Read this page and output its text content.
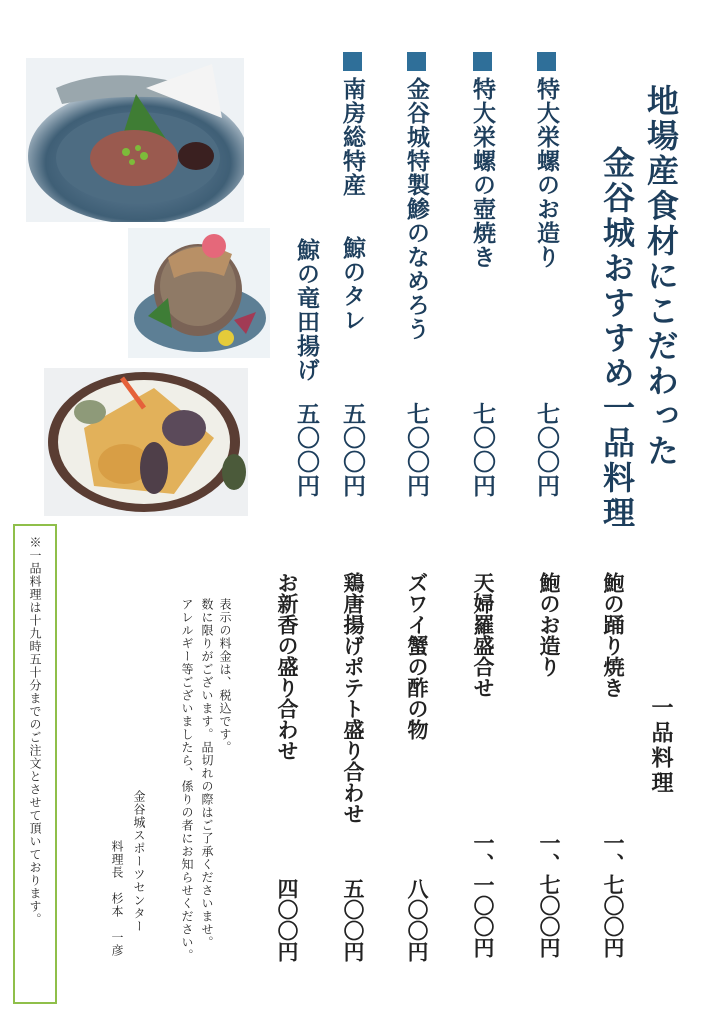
地場産食材にこだわった
金谷城おすすめ一品料理
特大栄螺のお造り
特大栄螺の壺焼き
金谷城特製鯵のなめろう
南房総特産
鯨のタレ
鯨の竜田揚げ
七〇〇円
七〇〇円
七〇〇円
五〇〇円
五〇〇円
一品料理
鮑の踊り焼き
鮑のお造り
天婦羅盛合せ
ズワイ蟹の酢の物
鶏唐揚げポテト盛り合わせ
お新香の盛り合わせ
一、七〇〇円
一、七〇〇円
一、一〇〇円
八〇〇円
五〇〇円
四〇〇円
表示の料金は、税込です。
数に限りがございます。品切れの際はご了承くださいませ。
アレルギー等ございましたら、係りの者にお知らせください。
金谷城スポーツセンター
料理長　杉本　一彦
※一品料理は十九時五十分までのご注文とさせて頂いております。
